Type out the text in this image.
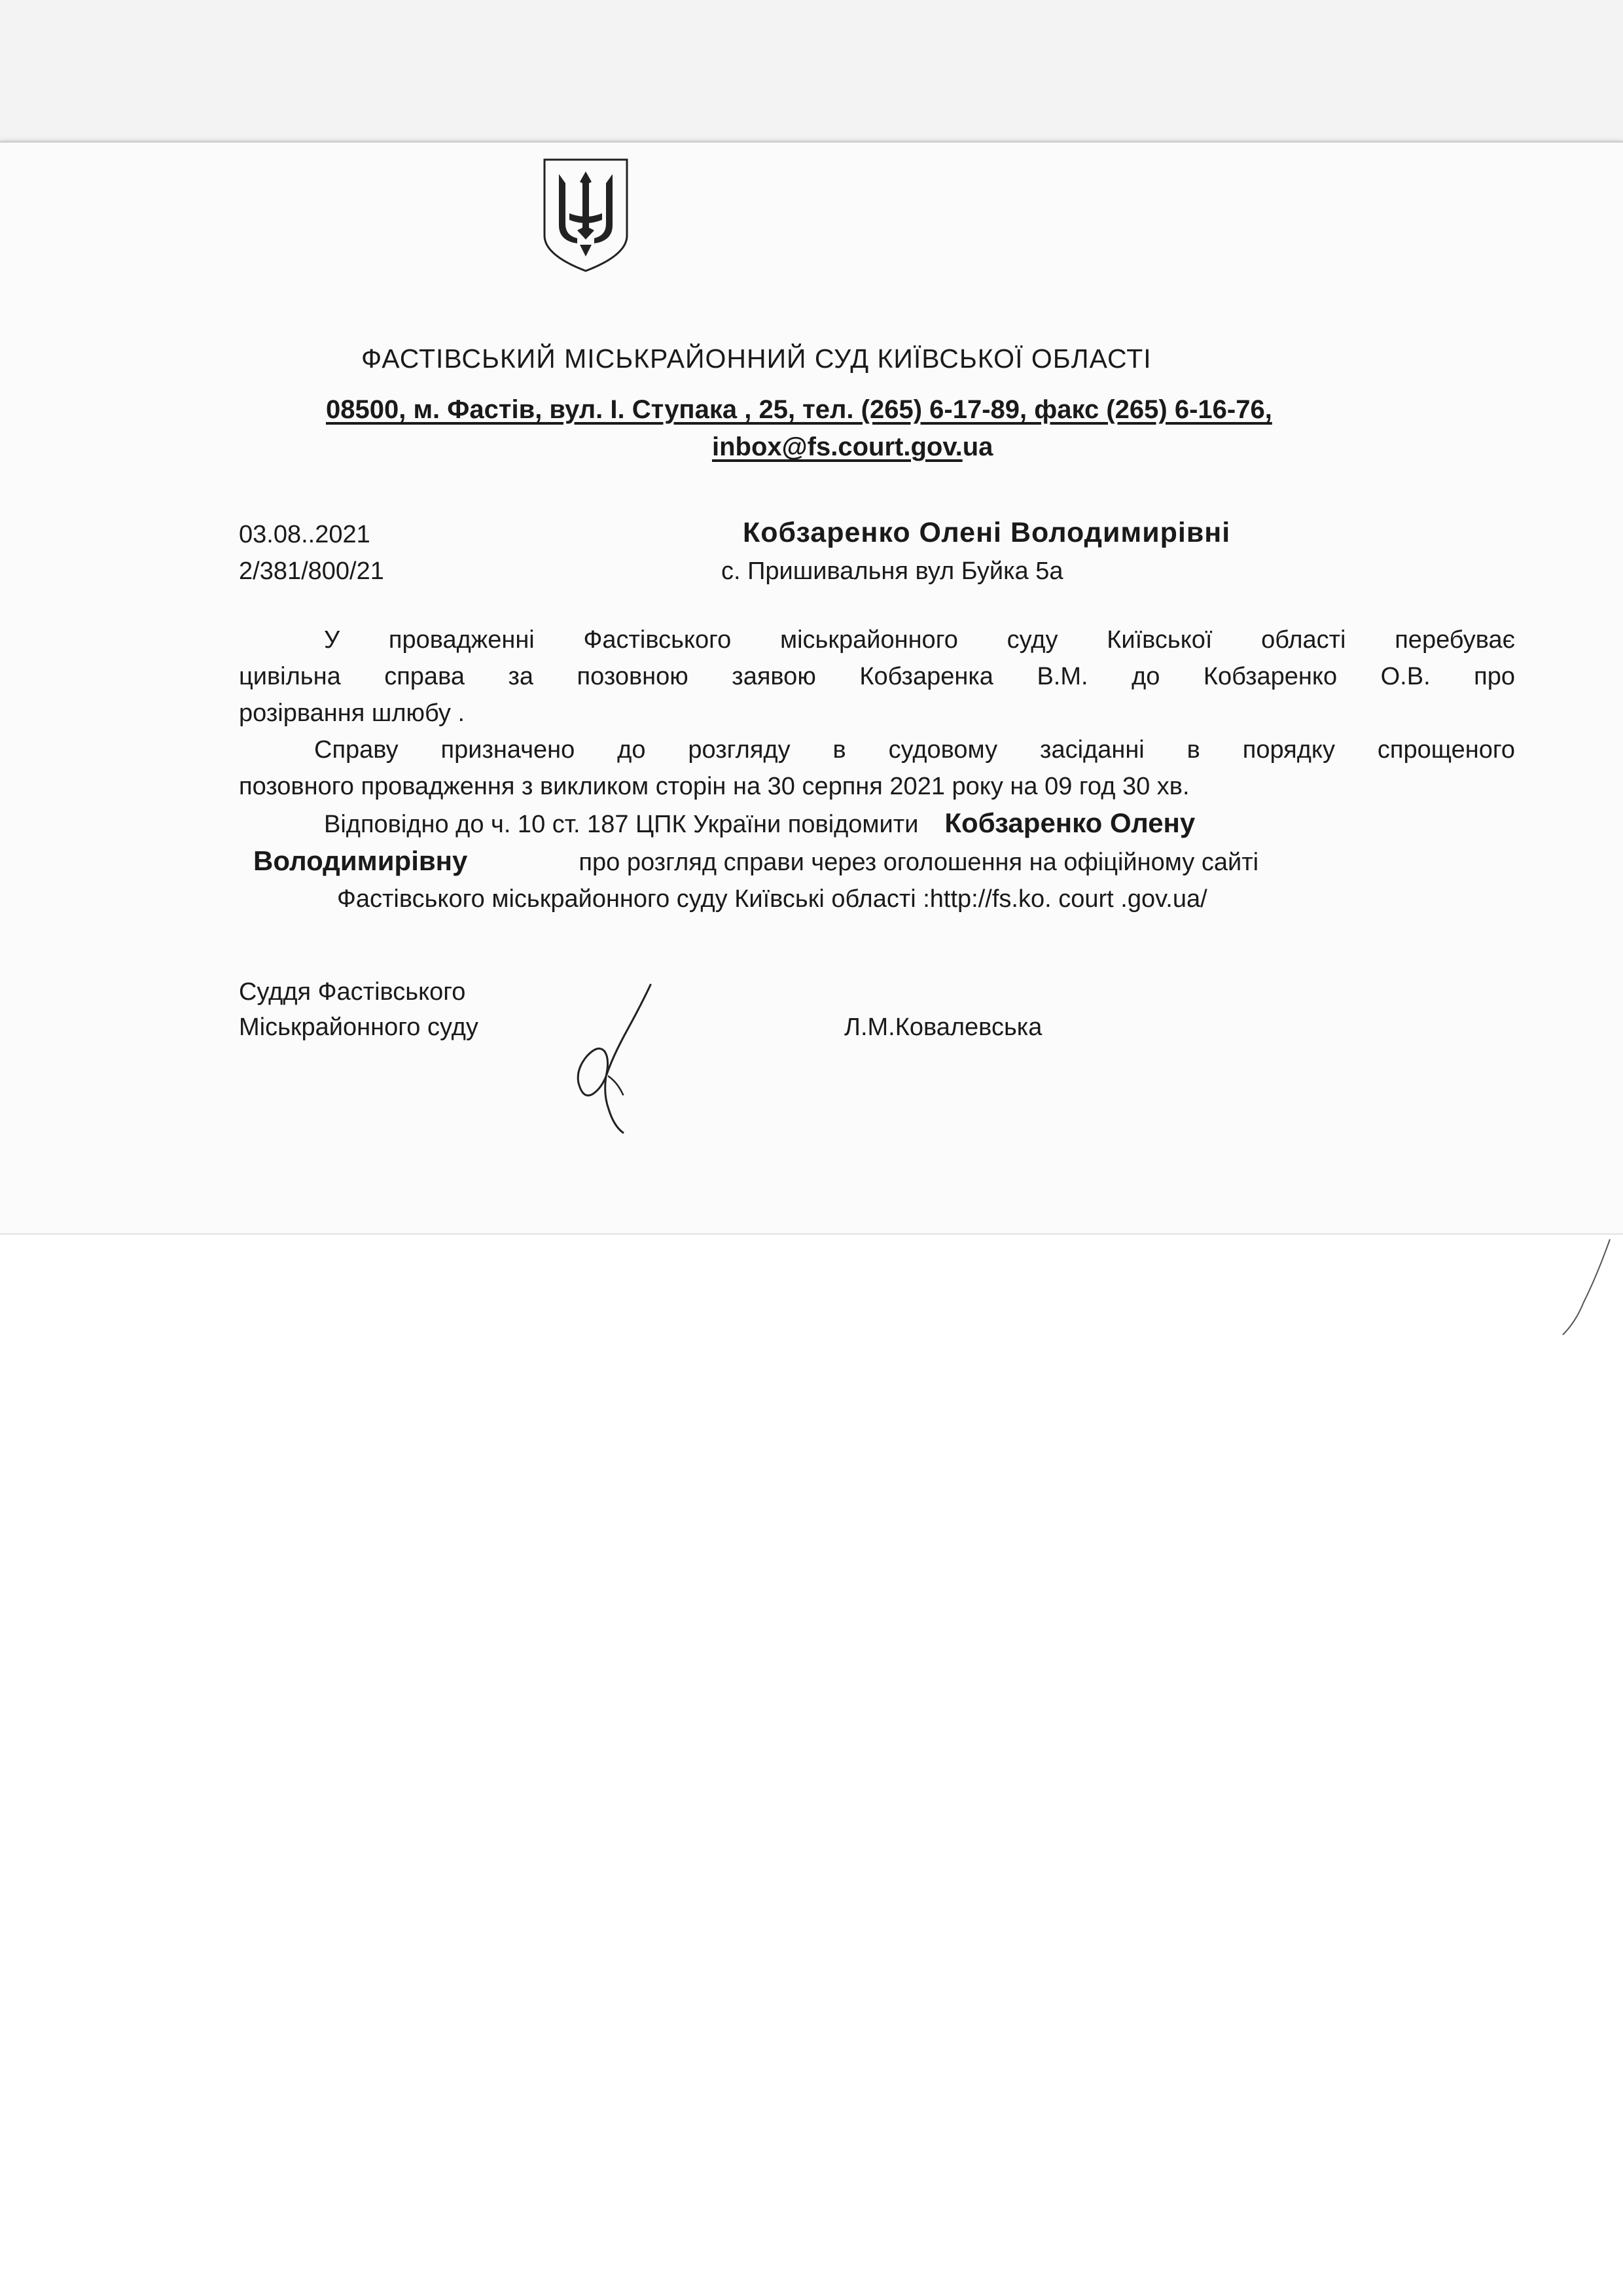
ФАСТІВСЬКИЙ МІСЬКРАЙОННИЙ СУД КИЇВСЬКОЇ ОБЛАСТІ
08500, м. Фастів, вул. І. Ступака , 25, тел. (265) 6-17-89, факс (265) 6-16-76,
inbox@fs.court.gov.ua
03.08..2021
2/381/800/21
Кобзаренко Олені Володимирівні
с. Пришивальня вул Буйка 5а

У провадженні Фастівського міськрайонного суду Київської області перебуває

цивільна справа за позовною заявою Кобзаренка В.М. до Кобзаренко О.В. про

розірвання шлюбу .

Справу призначено до розгляду в судовому засіданні в порядку спрощеного

позовного провадження з викликом сторін на 30 серпня 2021 року на 09 год 30 хв.

Відповідно до ч. 10 ст. 187 ЦПК України повідомити Кобзаренко Олену

Володимирівну	про розгляд справи через оголошення на офіційному сайті

Фастівського міськрайонного суду Київські області :http://fs.ko. court .gov.ua/

Суддя Фастівського
Міськрайонного суду	Л.М.Ковалевська
